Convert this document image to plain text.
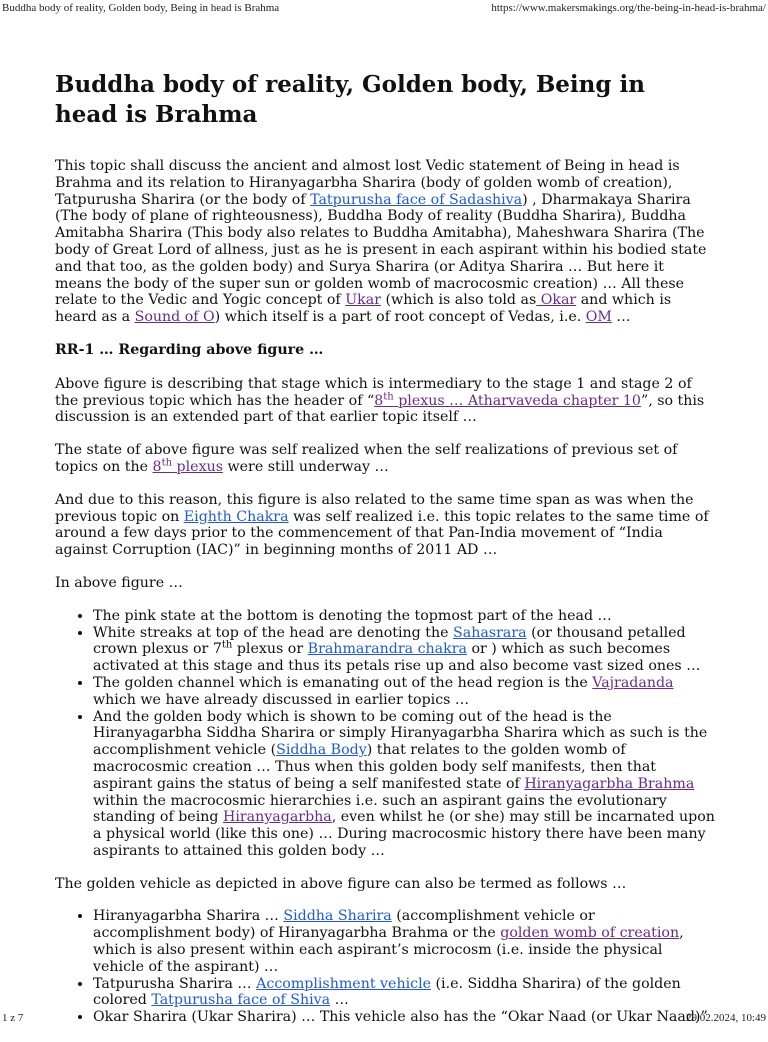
Buddha body of reality, Golden body, Being in head is Brahma	https://www.makersmakings.org/the-being-in-head-is-brahma/
Buddha body of reality, Golden body, Being in head is Brahma

This topic shall discuss the ancient and almost lost Vedic statement of Being in head is Brahma and its relation to Hiranyagarbha Sharira (body of golden womb of creation), Tatpurusha Sharira (or the body of Tatpurusha face of Sadashiva) , Dharmakaya Sharira (The body of plane of righteousness), Buddha Body of reality (Buddha Sharira), Buddha Amitabha Sharira (This body also relates to Buddha Amitabha), Maheshwara Sharira (The body of Great Lord of allness, just as he is present in each aspirant within his bodied state and that too, as the golden body) and Surya Sharira (or Aditya Sharira … But here it means the body of the super sun or golden womb of macrocosmic creation) … All these relate to the Vedic and Yogic concept of Ukar (which is also told as Okar and which is heard as a Sound of O) which itself is a part of root concept of Vedas, i.e. OM …

RR-1 … Regarding above figure …

Above figure is describing that stage which is intermediary to the stage 1 and stage 2 of the previous topic which has the header of “8th plexus … Atharvaveda chapter 10”, so this discussion is an extended part of that earlier topic itself …

The state of above figure was self realized when the self realizations of previous set of topics on the 8th plexus were still underway …

And due to this reason, this figure is also related to the same time span as was when the previous topic on Eighth Chakra was self realized i.e. this topic relates to the same time of around a few days prior to the commencement of that Pan-India movement of “India against Corruption (IAC)” in beginning months of 2011 AD …

In above figure …

• The pink state at the bottom is denoting the topmost part of the head …
• White streaks at top of the head are denoting the Sahasrara (or thousand petalled crown plexus or 7th plexus or Brahmarandra chakra or ) which as such becomes activated at this stage and thus its petals rise up and also become vast sized ones …
• The golden channel which is emanating out of the head region is the Vajradanda which we have already discussed in earlier topics …
• And the golden body which is shown to be coming out of the head is the Hiranyagarbha Siddha Sharira or simply Hiranyagarbha Sharira which as such is the accomplishment vehicle (Siddha Body) that relates to the golden womb of macrocosmic creation … Thus when this golden body self manifests, then that aspirant gains the status of being a self manifested state of Hiranyagarbha Brahma within the macrocosmic hierarchies i.e. such an aspirant gains the evolutionary standing of being Hiranyagarbha, even whilst he (or she) may still be incarnated upon a physical world (like this one) … During macrocosmic history there have been many aspirants to attained this golden body …

The golden vehicle as depicted in above figure can also be termed as follows …

• Hiranyagarbha Sharira … Siddha Sharira (accomplishment vehicle or accomplishment body) of Hiranyagarbha Brahma or the golden womb of creation, which is also present within each aspirant’s microcosm (i.e. inside the physical vehicle of the aspirant) …
• Tatpurusha Sharira … Accomplishment vehicle (i.e. Siddha Sharira) of the golden colored Tatpurusha face of Shiva …
• Okar Sharira (Ukar Sharira) … This vehicle also has the “Okar Naad (or Ukar Naad)”
1 z 7	29.02.2024, 10:49
